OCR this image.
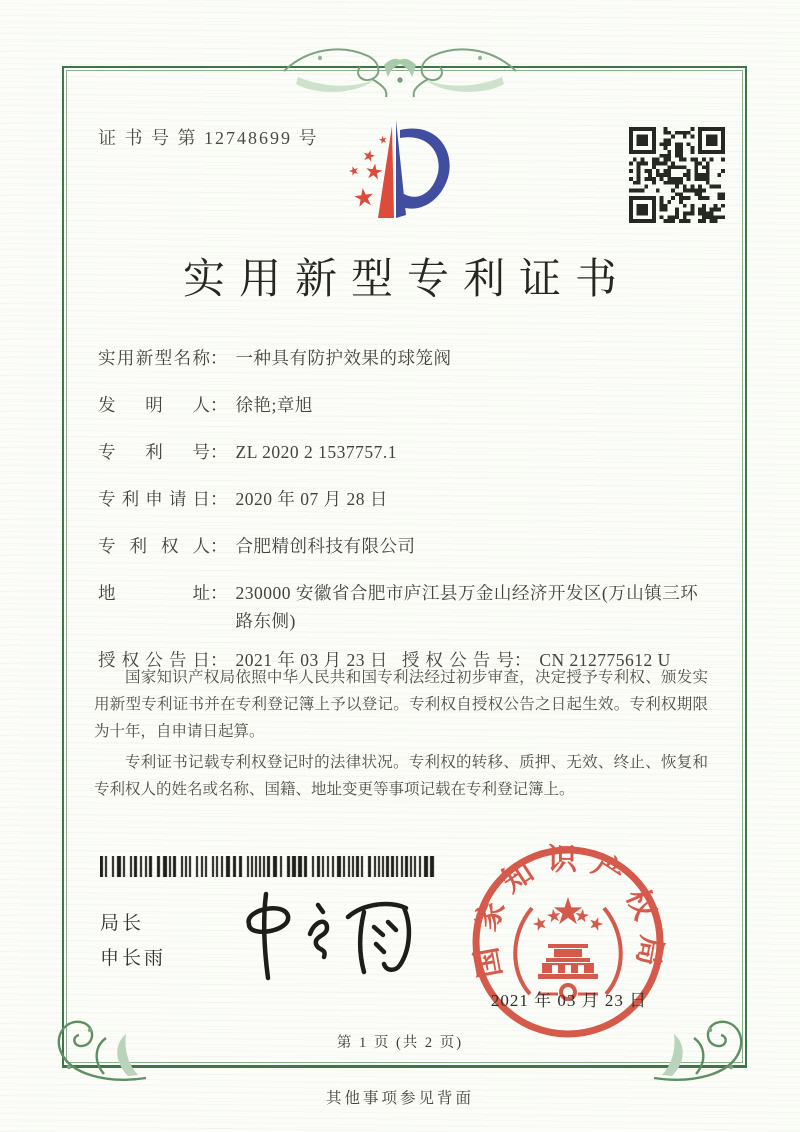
证 书 号 第 12748699 号
实用新型专利证书
实用新型名称 ： 一种具有防护效果的球笼阀
发明人 ： 徐艳;章旭
专利号 ： ZL 2020 2 1537757.1
专利申请日 ： 2020 年 07 月 28 日
专利权人 ： 合肥精创科技有限公司
地址 ： 230000 安徽省合肥市庐江县万金山经济开发区(万山镇三环路东侧)
授权公告日 ： 2021 年 03 月 23 日 授权公告号 ： CN 212775612 U

国家知识产权局依照中华人民共和国专利法经过初步审查，决定授予专利权、颁发实用新型专利证书并在专利登记簿上予以登记。专利权自授权公告之日起生效。专利权期限为十年，自申请日起算。

专利证书记载专利权登记时的法律状况。专利权的转移、质押、无效、终止、恢复和专利权人的姓名或名称、国籍、地址变更等事项记载在专利登记簿上。

局长
申长雨	国家知识产权局
2021 年 03 月 23 日
第 1 页 (共 2 页)
其他事项参见背面
